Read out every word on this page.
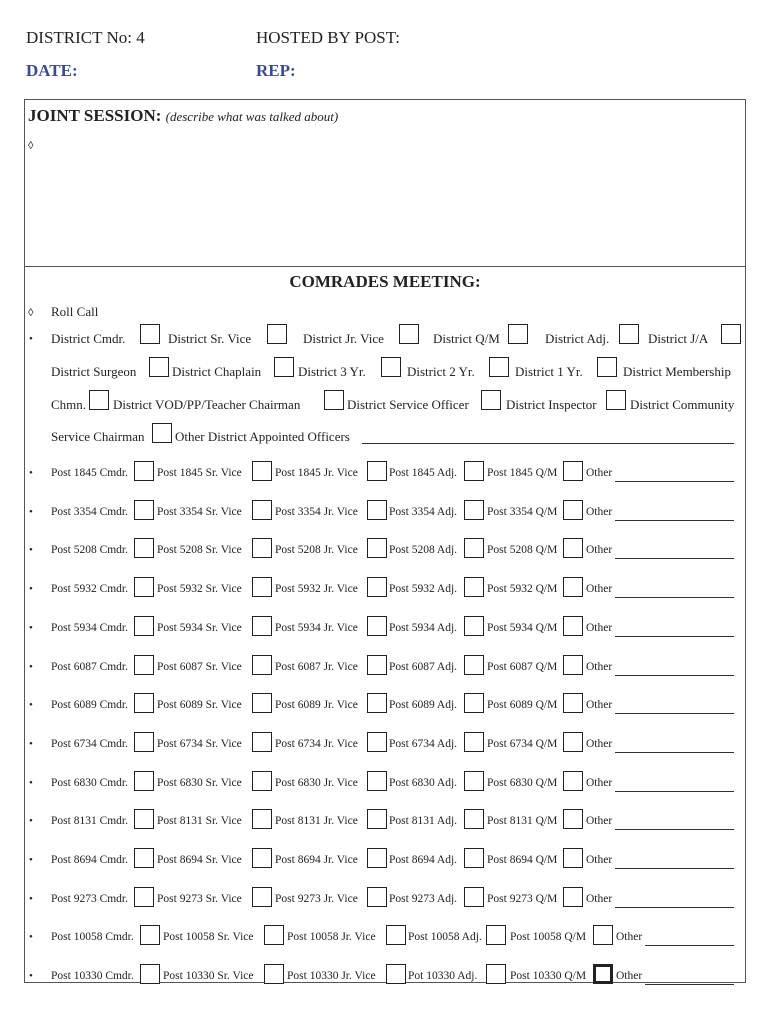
DISTRICT No: 4	HOSTED BY POST:
DATE:	REP:
JOINT SESSION: (describe what was talked about)
◊
COMRADES MEETING:
◊ Roll Call
• District Cmdr.	District Sr. Vice	District Jr. Vice	District Q/M	District Adj.	District J/A
District Surgeon	District Chaplain	District 3 Yr.	District 2 Yr.	District 1 Yr.	District Membership
Chmn. District VOD/PP/Teacher Chairman	District Service Officer	District Inspector	District Community
Service Chairman Other District Appointed Officers
• Post 1845 Cmdr.	Post 1845 Sr. Vice	Post 1845 Jr. Vice	Post 1845 Adj.	Post 1845 Q/M Other
• Post 3354 Cmdr.	Post 3354 Sr. Vice	Post 3354 Jr. Vice	Post 3354 Adj.	Post 3354 Q/M Other
• Post 5208 Cmdr.	Post 5208 Sr. Vice	Post 5208 Jr. Vice	Post 5208 Adj.	Post 5208 Q/M Other
• Post 5932 Cmdr.	Post 5932 Sr. Vice	Post 5932 Jr. Vice	Post 5932 Adj.	Post 5932 Q/M Other
• Post 5934 Cmdr.	Post 5934 Sr. Vice	Post 5934 Jr. Vice	Post 5934 Adj.	Post 5934 Q/M Other
• Post 6087 Cmdr.	Post 6087 Sr. Vice	Post 6087 Jr. Vice	Post 6087 Adj.	Post 6087 Q/M Other
• Post 6089 Cmdr.	Post 6089 Sr. Vice	Post 6089 Jr. Vice	Post 6089 Adj.	Post 6089 Q/M Other
• Post 6734 Cmdr.	Post 6734 Sr. Vice	Post 6734 Jr. Vice	Post 6734 Adj.	Post 6734 Q/M Other
• Post 6830 Cmdr.	Post 6830 Sr. Vice	Post 6830 Jr. Vice	Post 6830 Adj.	Post 6830 Q/M Other
• Post 8131 Cmdr.	Post 8131 Sr. Vice	Post 8131 Jr. Vice	Post 8131 Adj.	Post 8131 Q/M Other
• Post 8694 Cmdr.	Post 8694 Sr. Vice	Post 8694 Jr. Vice	Post 8694 Adj.	Post 8694 Q/M Other
• Post 9273 Cmdr.	Post 9273 Sr. Vice	Post 9273 Jr. Vice	Post 9273 Adj.	Post 9273 Q/M Other
• Post 10058 Cmdr.	Post 10058 Sr. Vice	Post 10058 Jr. Vice	Post 10058 Adj. Post 10058 Q/M	Other
• Post 10330 Cmdr.	Post 10330 Sr. Vice	Post 10330 Jr. Vice	Pot 10330 Adj.	Post 10330 Q/M	Other
